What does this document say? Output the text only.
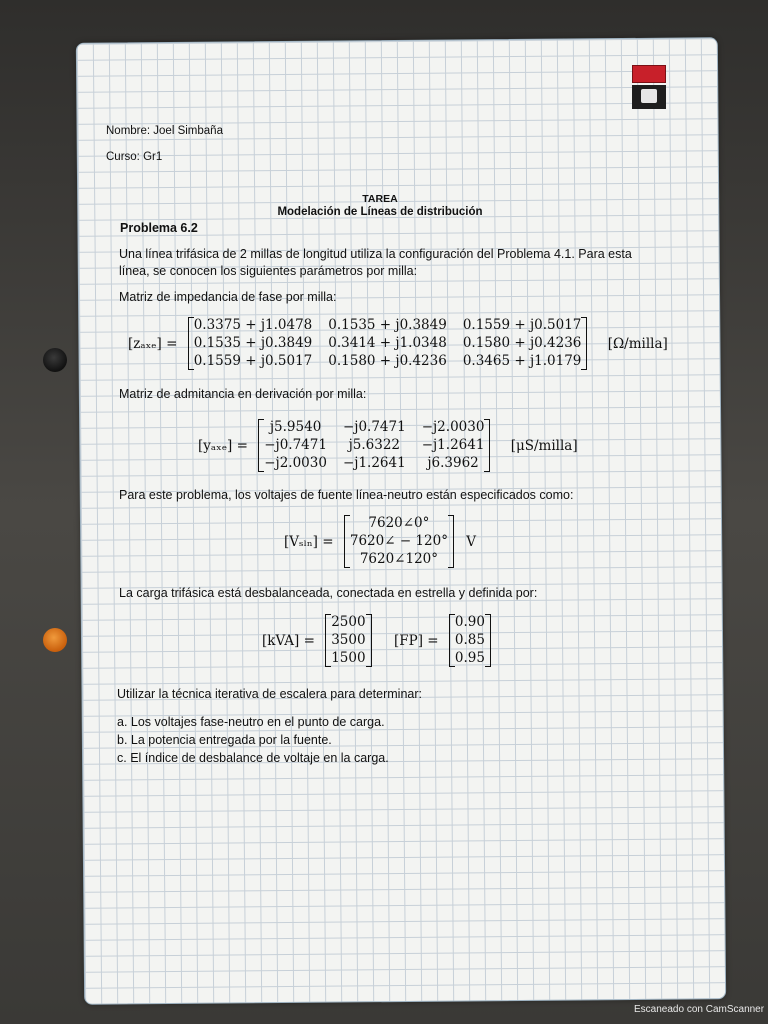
Nombre: Joel Simbaña
Curso: Gr1
TAREA
Modelación de Líneas de distribución
Problema 6.2
Una línea trifásica de 2 millas de longitud utiliza la configuración del Problema 4.1. Para esta
línea, se conocen los siguientes parámetros por milla:
Matriz de impedancia de fase por milla:
[zₐₓₑ] =
0.3375 + j1.0478 0.1535 + j0.3849 0.1559 + j0.5017
0.1535 + j0.3849 0.3414 + j1.0348 0.1580 + j0.4236
0.1559 + j0.5017 0.1580 + j0.4236 0.3465 + j1.0179
[Ω/milla]
Matriz de admitancia en derivación por milla:
[yₐₓₑ] =
j5.9540	−j0.7471 −j2.0030
−j0.7471	j5.6322	−j1.2641
−j2.0030 −j1.2641	j6.3962
[μS/milla]
Para este problema, los voltajes de fuente línea-neutro están especificados como:
[Vₛₗₙ] =
7620∠0°
7620∠ − 120°
7620∠120°
V
La carga trifásica está desbalanceada, conectada en estrella y definida por:
[kVA] =
2500
3500
1500
[FP] =
0.90
0.85
0.95
Utilizar la técnica iterativa de escalera para determinar:
a. Los voltajes fase-neutro en el punto de carga.
b. La potencia entregada por la fuente.
c. El índice de desbalance de voltaje en la carga.
Escaneado con CamScanner
